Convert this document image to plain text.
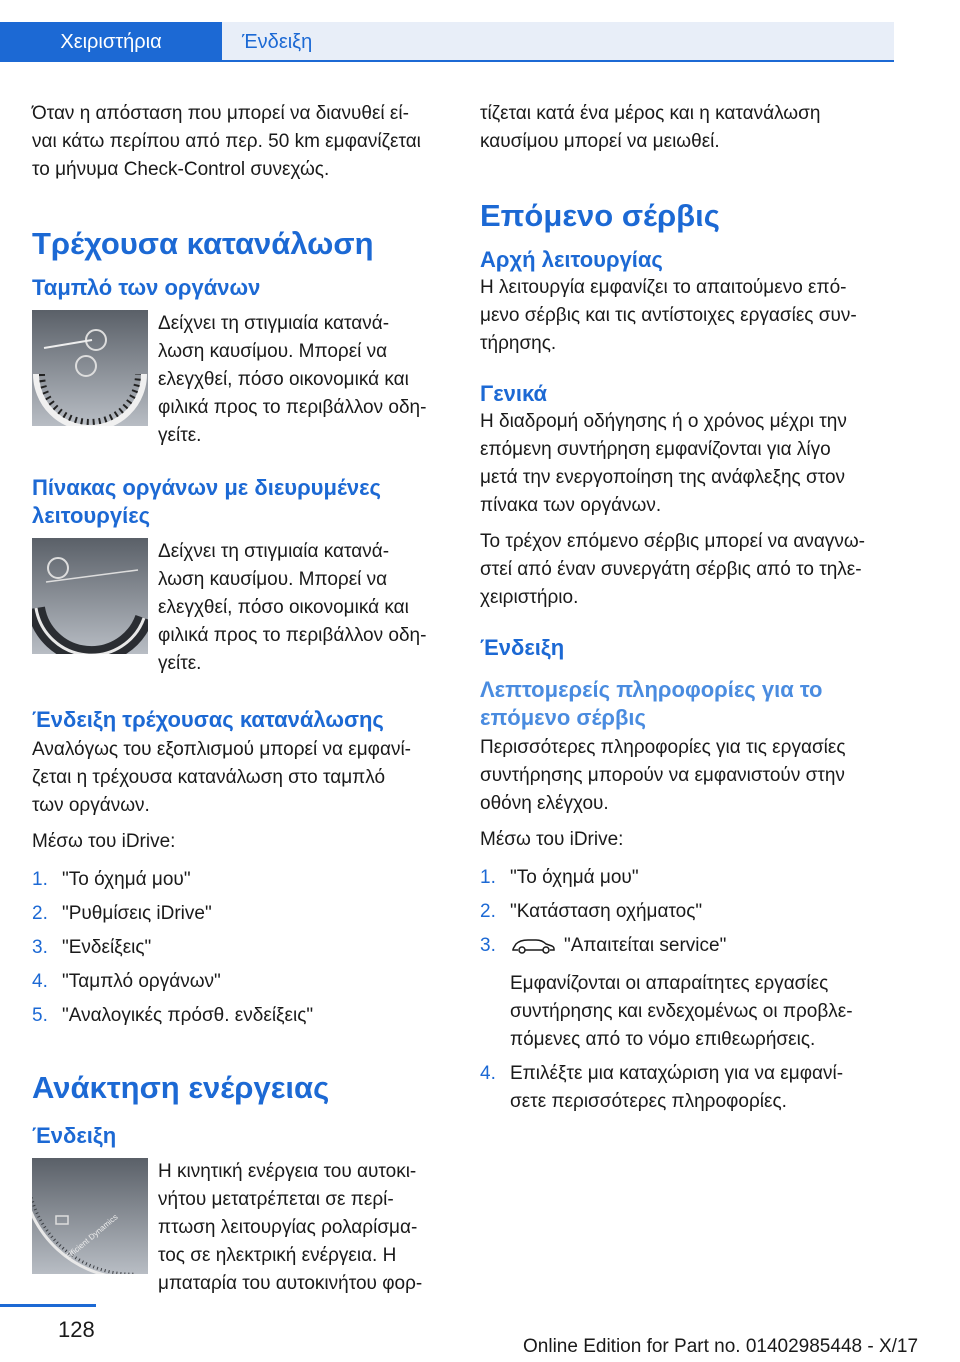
Χειριστήρια	Ένδειξη

Όταν η απόσταση που μπορεί να διανυθεί εί-
ναι κάτω περίπου από περ. 50 km εμφανίζεται
το μήνυμα Check-Control συνεχώς.

Τρέχουσα κατανάλωση
Ταμπλό των οργάνων

Δείχνει τη στιγμιαία κατανά-
λωση καυσίμου. Μπορεί να
ελεγχθεί, πόσο οικονομικά και
φιλικά προς το περιβάλλον οδη-
γείτε.

Πίνακας οργάνων με διευρυμένες
λειτουργίες

Δείχνει τη στιγμιαία κατανά-
λωση καυσίμου. Μπορεί να
ελεγχθεί, πόσο οικονομικά και
φιλικά προς το περιβάλλον οδη-
γείτε.

Ένδειξη τρέχουσας κατανάλωσης

Αναλόγως του εξοπλισμού μπορεί να εμφανί-
ζεται η τρέχουσα κατανάλωση στο ταμπλό
των οργάνων.

Μέσω του iDrive:

1. "Το όχημά μου"
2. "Ρυθμίσεις iDrive"
3. "Ενδείξεις"
4. "Ταμπλό οργάνων"
5. "Αναλογικές πρόσθ. ενδείξεις"
Ανάκτηση ενέργειας
Ένδειξη
Efficient Dynamics

Η κινητική ενέργεια του αυτοκι-
νήτου μετατρέπεται σε περί-
πτωση λειτουργίας ρολαρίσμα-
τος σε ηλεκτρική ενέργεια. Η
μπαταρία του αυτοκινήτου φορ-

τίζεται κατά ένα μέρος και η κατανάλωση
καυσίμου μπορεί να μειωθεί.

Επόμενο σέρβις
Αρχή λειτουργίας

Η λειτουργία εμφανίζει το απαιτούμενο επό-
μενο σέρβις και τις αντίστοιχες εργασίες συν-
τήρησης.

Γενικά

Η διαδρομή οδήγησης ή ο χρόνος μέχρι την
επόμενη συντήρηση εμφανίζονται για λίγο
μετά την ενεργοποίηση της ανάφλεξης στον
πίνακα των οργάνων.

Το τρέχον επόμενο σέρβις μπορεί να αναγνω-
στεί από έναν συνεργάτη σέρβις από το τηλε-
χειριστήριο.

Ένδειξη
Λεπτομερείς πληροφορίες για το
επόμενο σέρβις

Περισσότερες πληροφορίες για τις εργασίες
συντήρησης μπορούν να εμφανιστούν στην
οθόνη ελέγχου.

Μέσω του iDrive:

1. "Το όχημά μου"
2. "Κατάσταση οχήματος"
3.	"Απαιτείται service"
Εμφανίζονται οι απαραίτητες εργασίες
συντήρησης και ενδεχομένως οι προβλε-
πόμενες από το νόμο επιθεωρήσεις.
4. Επιλέξτε μια καταχώριση για να εμφανί-
σετε περισσότερες πληροφορίες.
128
Online Edition for Part no. 01402985448 - X/17
